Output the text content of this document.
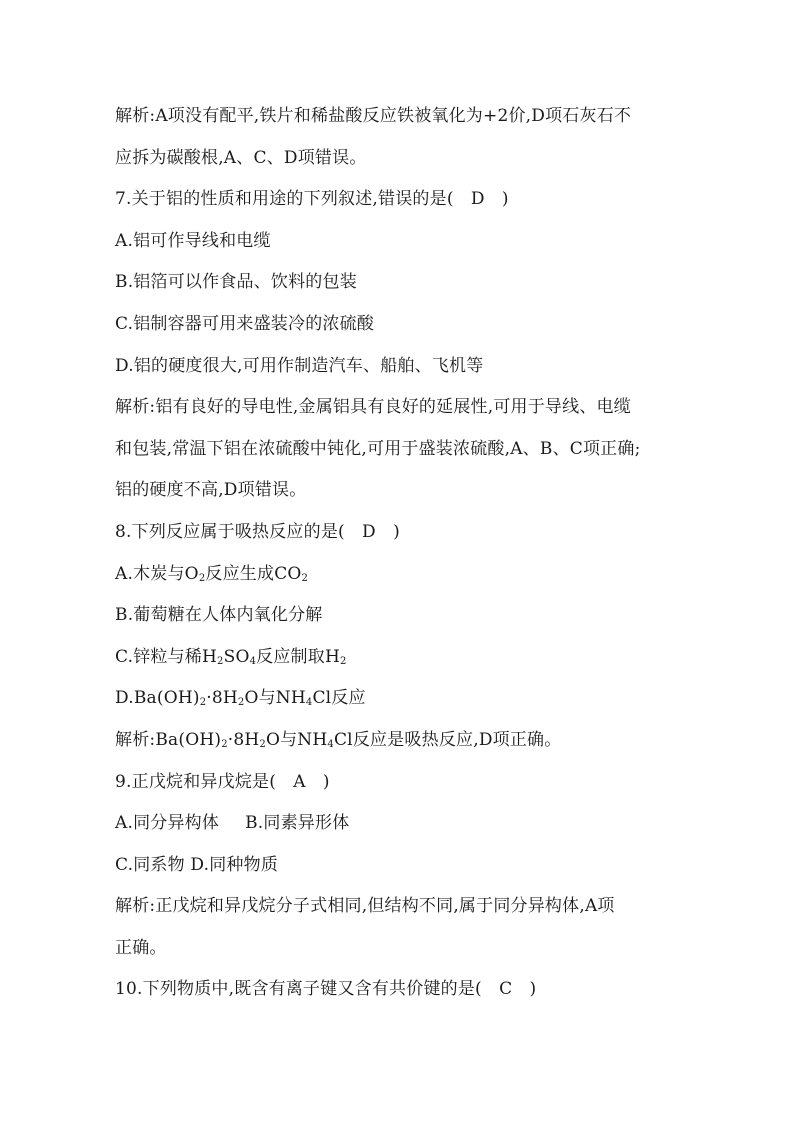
解析:A项没有配平,铁片和稀盐酸反应铁被氧化为+2价,D项石灰石不
应拆为碳酸根,A、C、D项错误。
7.关于铝的性质和用途的下列叙述,错误的是(　D　)
A.铝可作导线和电缆
B.铝箔可以作食品、饮料的包装
C.铝制容器可用来盛装冷的浓硫酸
D.铝的硬度很大,可用作制造汽车、船舶、飞机等
解析:铝有良好的导电性,金属铝具有良好的延展性,可用于导线、电缆
和包装,常温下铝在浓硫酸中钝化,可用于盛装浓硫酸,A、B、C项正确;
铝的硬度不高,D项错误。
8.下列反应属于吸热反应的是(　D　)
A.木炭与$O_2$反应生成$CO_2$
B.葡萄糖在人体内氧化分解
C.锌粒与稀$H_2SO_4$反应制取$H_2$
$D.Ba(OH)_2\cdot 8H_2O$与$NH_4Cl$反应
解析$:Ba(OH)_2\cdot 8H_2O$与$NH_4Cl$反应是吸热反应,D项正确。
9.正戊烷和异戊烷是(　A　)
A.同分异构体 B.同素异形体
C.同系物 D.同种物质
解析:正戊烷和异戊烷分子式相同,但结构不同,属于同分异构体,A项
正确。
10.下列物质中,既含有离子键又含有共价键的是(　C　)
